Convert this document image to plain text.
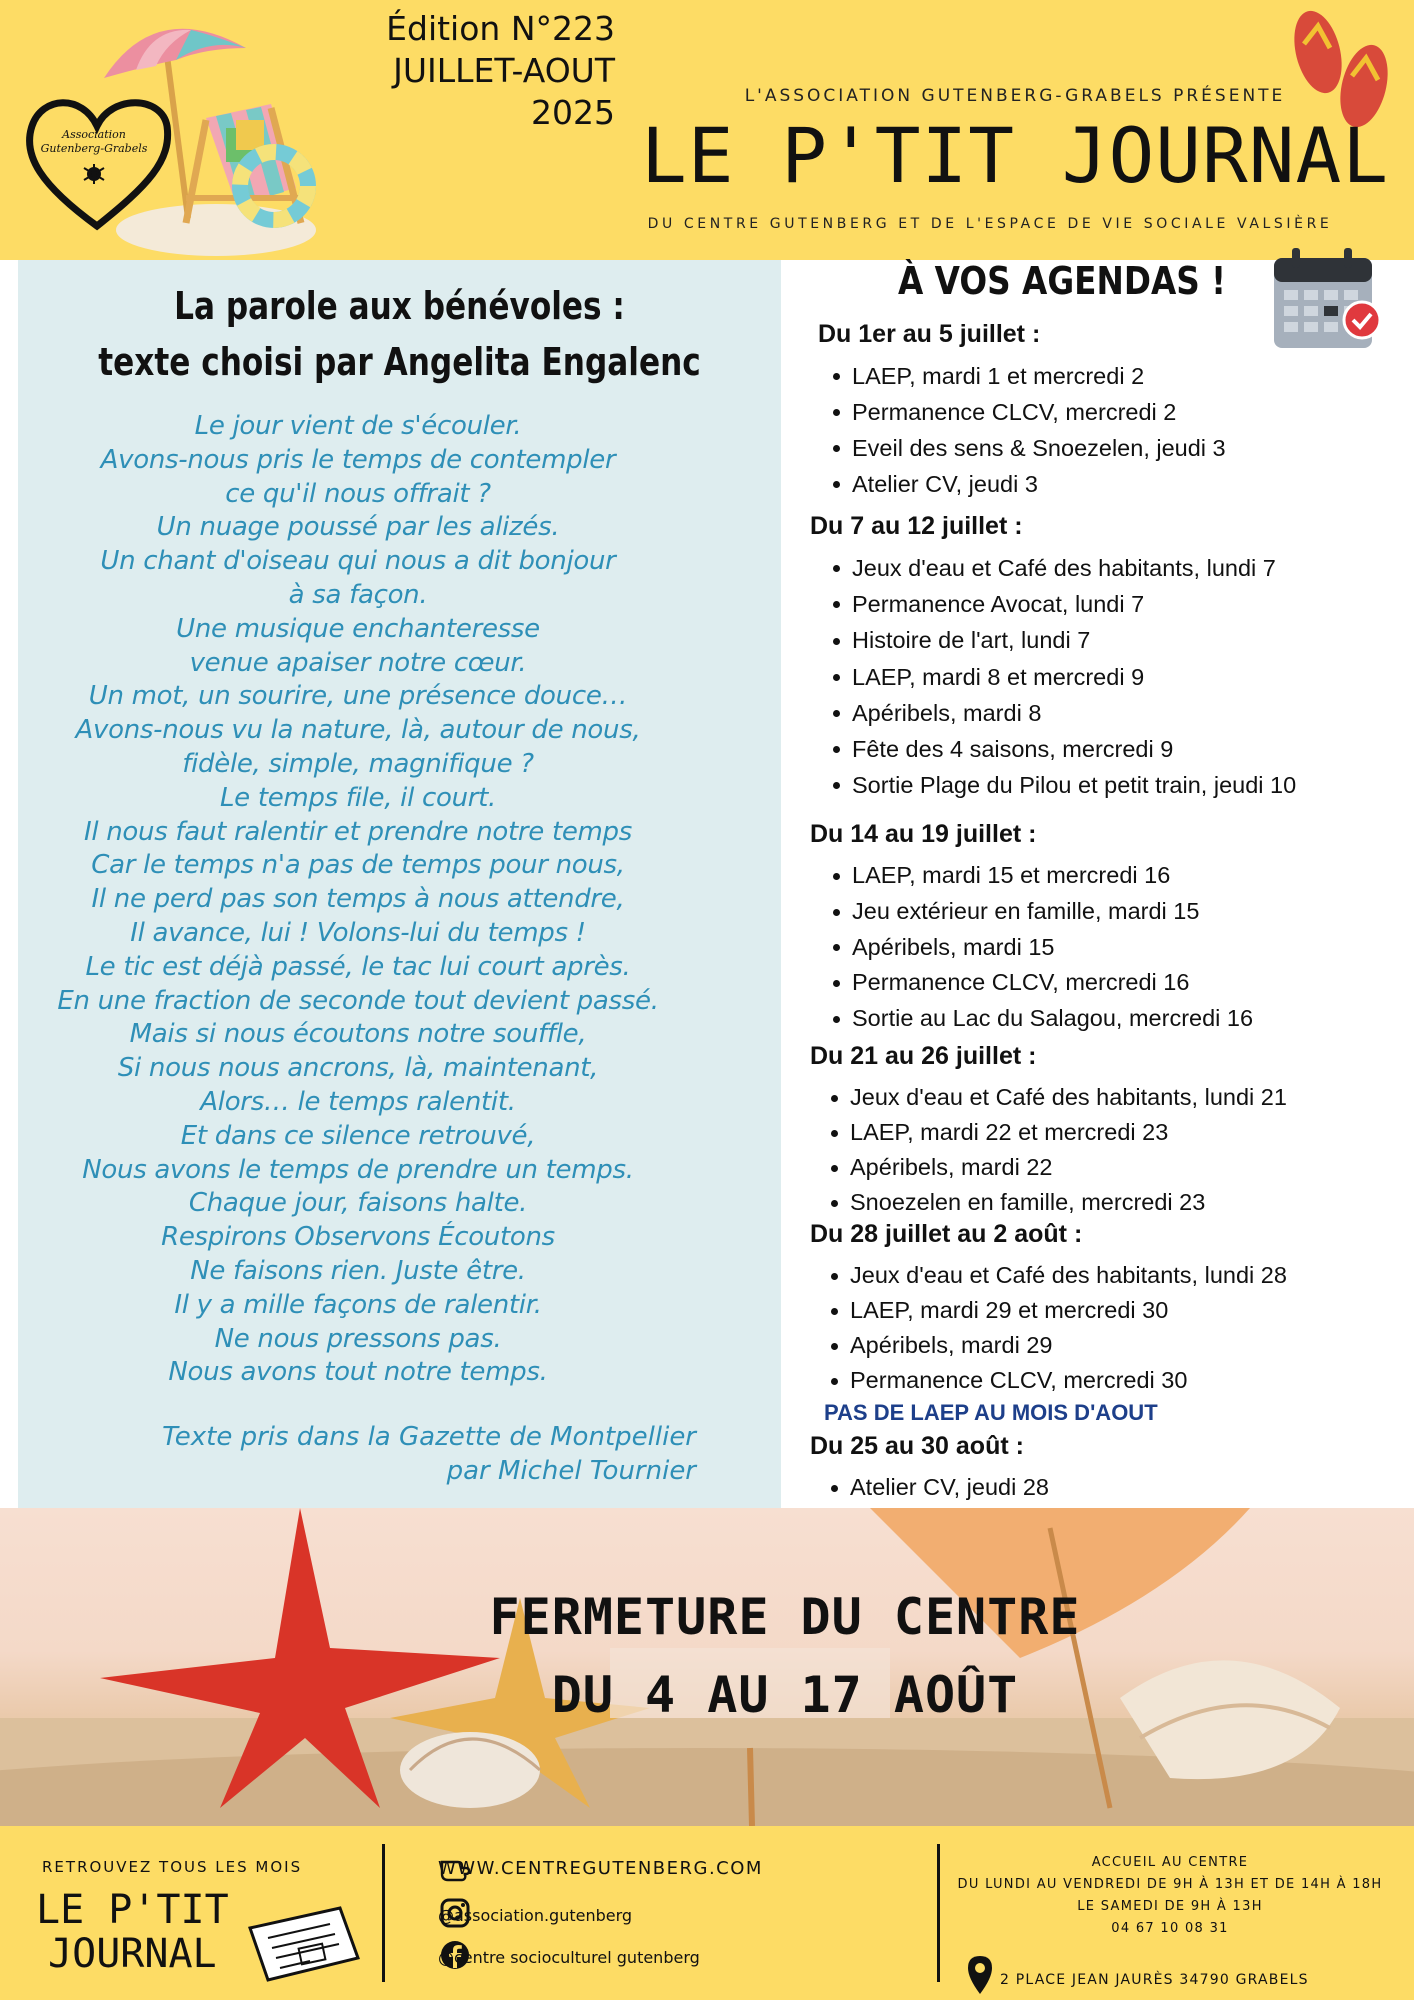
Association
Gutenberg-Grabels
Édition N°223
JUILLET-AOUT
2025	L'ASSOCIATION GUTENBERG-GRABELS PRÉSENTE
LE P'TIT JOURNAL
DU CENTRE GUTENBERG ET DE L'ESPACE DE VIE SOCIALE VALSIÈRE
La parole aux bénévoles :
texte choisi par Angelita Engalenc
Le jour vient de s'écouler.
Avons-nous pris le temps de contempler
ce qu'il nous offrait ?
Un nuage poussé par les alizés.
Un chant d'oiseau qui nous a dit bonjour
à sa façon.
Une musique enchanteresse
venue apaiser notre cœur.
Un mot, un sourire, une présence douce…
Avons-nous vu la nature, là, autour de nous,
fidèle, simple, magnifique ?
Le temps file, il court.
Il nous faut ralentir et prendre notre temps
Car le temps n'a pas de temps pour nous,
Il ne perd pas son temps à nous attendre,
Il avance, lui ! Volons-lui du temps !
Le tic est déjà passé, le tac lui court après.
En une fraction de seconde tout devient passé.
Mais si nous écoutons notre souffle,
Si nous nous ancrons, là, maintenant,
Alors… le temps ralentit.
Et dans ce silence retrouvé,
Nous avons le temps de prendre un temps.
Chaque jour, faisons halte.
Respirons Observons Écoutons
Ne faisons rien. Juste être.
Il y a mille façons de ralentir.
Ne nous pressons pas.
Nous avons tout notre temps.
Texte pris dans la Gazette de Montpellier
par Michel Tournier
À VOS AGENDAS !
Du 1er au 5 juillet :
LAEP, mardi 1 et mercredi 2
Permanence CLCV, mercredi 2
Eveil des sens & Snoezelen, jeudi 3
Atelier CV, jeudi 3
Du 7 au 12 juillet :
Jeux d'eau et Café des habitants, lundi 7
Permanence Avocat, lundi 7
Histoire de l'art, lundi 7
LAEP, mardi 8 et mercredi 9
Apéribels, mardi 8
Fête des 4 saisons, mercredi 9
Sortie Plage du Pilou et petit train, jeudi 10
Du 14 au 19 juillet :
LAEP, mardi 15 et mercredi 16
Jeu extérieur en famille, mardi 15
Apéribels, mardi 15
Permanence CLCV, mercredi 16
Sortie au Lac du Salagou, mercredi 16
Du 21 au 26 juillet :
Jeux d'eau et Café des habitants, lundi 21
LAEP, mardi 22 et mercredi 23
Apéribels, mardi 22
Snoezelen en famille, mercredi 23
Du 28 juillet au 2 août :
Jeux d'eau et Café des habitants, lundi 28
LAEP, mardi 29 et mercredi 30
Apéribels, mardi 29
Permanence CLCV, mercredi 30
Du 25 au 30 août :
Atelier CV, jeudi 28
PAS DE LAEP AU MOIS D'AOUT
FERMETURE DU CENTRE
DU 4 AU 17 AOÛT
RETROUVEZ TOUS LES MOIS
LE P'TIT
JOURNAL
WWW.CENTREGUTENBERG.COM
@association.gutenberg
@centre socioculturel gutenberg
ACCUEIL AU CENTRE
DU LUNDI AU VENDREDI DE 9H À 13H ET DE 14H À 18H
LE SAMEDI DE 9H À 13H
04 67 10 08 31
2 PLACE JEAN JAURÈS 34790 GRABELS
